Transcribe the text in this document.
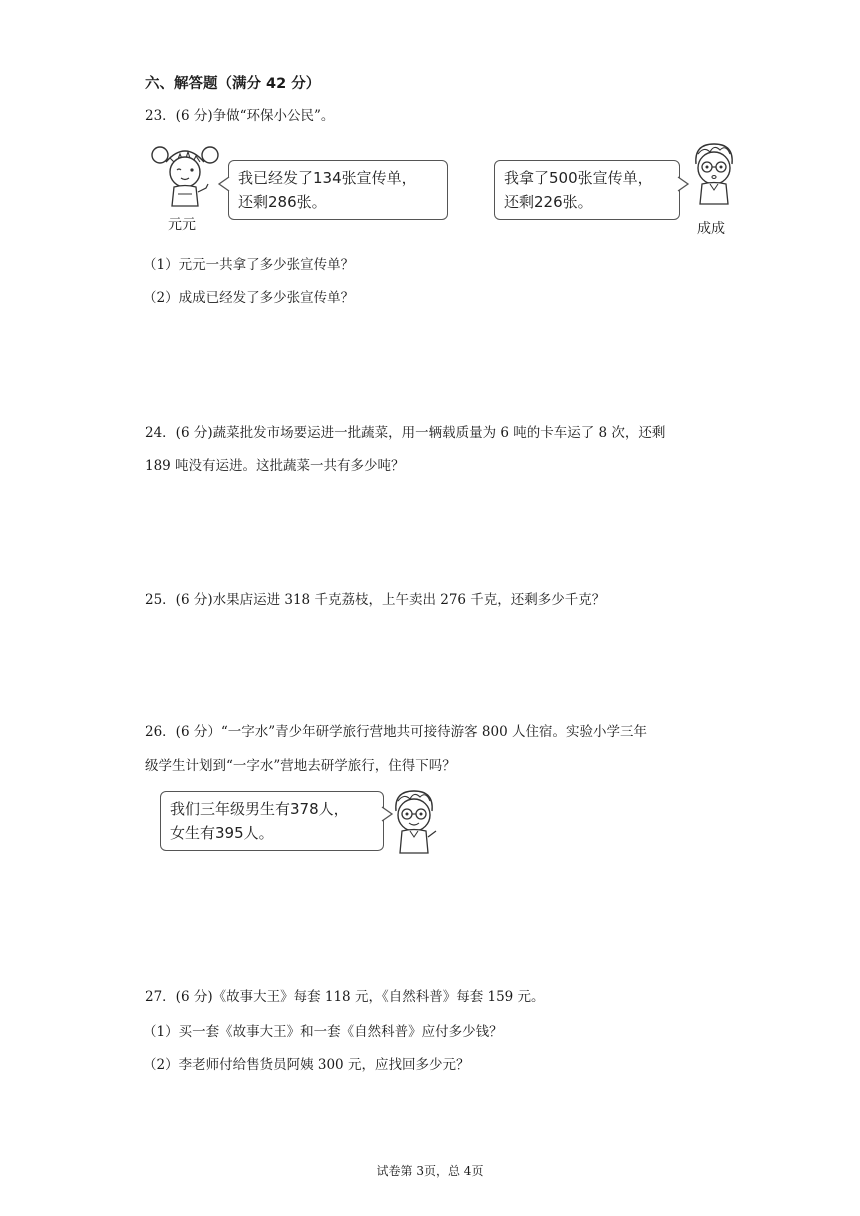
六、解答题（满分 42 分）
23．(6 分)争做“环保小公民”。
元元
我已经发了134张宣传单，
还剩286张。
我拿了500张宣传单，
还剩226张。
成成
（1）元元一共拿了多少张宣传单？
（2）成成已经发了多少张宣传单？
24．(6 分)蔬菜批发市场要运进一批蔬菜，用一辆载质量为 6 吨的卡车运了 8 次，还剩
189 吨没有运进。这批蔬菜一共有多少吨？
25．(6 分)水果店运进 318 千克荔枝，上午卖出 276 千克，还剩多少千克？
26．(6 分）“一字水”青少年研学旅行营地共可接待游客 800 人住宿。实验小学三年
级学生计划到“一字水”营地去研学旅行，住得下吗？
我们三年级男生有378人，
女生有395人。
27．(6 分)《故事大王》每套 118 元，《自然科普》每套 159 元。
（1）买一套《故事大王》和一套《自然科普》应付多少钱？
（2）李老师付给售货员阿姨 300 元，应找回多少元？
试卷第 3页，总 4页
